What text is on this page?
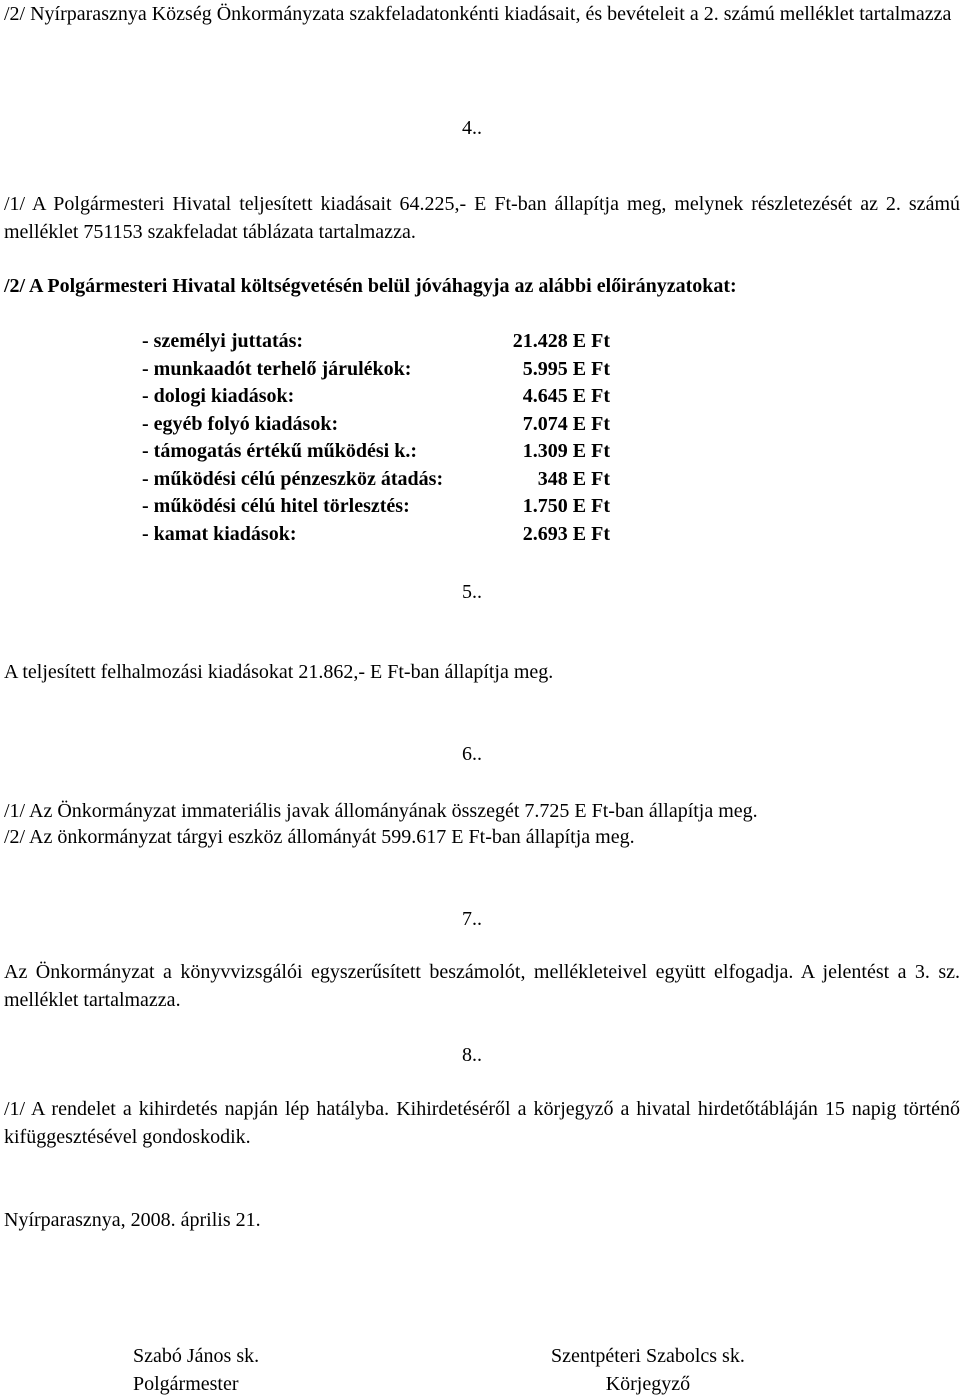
/2/ Nyírparasznya Község Önkormányzata szakfeladatonkénti kiadásait, és bevételeit a 2. számú melléklet tartalmazza

4..

/1/ A Polgármesteri Hivatal teljesített kiadásait 64.225,- E Ft-ban állapítja meg, melynek részletezését az 2. számú melléklet 751153 szakfeladat táblázata tartalmazza.

/2/ A Polgármesteri Hivatal költségvetésén belül jóváhagyja az alábbi előirányzatokat:

- személyi juttatás:	21.428 E Ft
- munkaadót terhelő járulékok:	5.995 E Ft
- dologi kiadások:	4.645 E Ft
- egyéb folyó kiadások:	7.074 E Ft
- támogatás értékű működési k.:	1.309 E Ft
- működési célú pénzeszköz átadás:	348 E Ft
- működési célú hitel törlesztés:	1.750 E Ft
- kamat kiadások:	2.693 E Ft
5..

A teljesített felhalmozási kiadásokat 21.862,- E Ft-ban állapítja meg.

6..

/1/ Az Önkormányzat immateriális javak állományának összegét 7.725 E Ft-ban állapítja meg.

/2/ Az önkormányzat tárgyi eszköz állományát 599.617 E Ft-ban állapítja meg.

7..

Az Önkormányzat a könyvvizsgálói egyszerűsített beszámolót, mellékleteivel együtt elfogadja. A jelentést a 3. sz. melléklet tartalmazza.

8..

/1/ A rendelet a kihirdetés napján lép hatályba. Kihirdetéséről a körjegyző a hivatal hirdetőtábláján 15 napig történő kifüggesztésével gondoskodik.

Nyírparasznya, 2008. április 21.

Szabó János sk.
Polgármester
Szentpéteri Szabolcs sk.
Körjegyző
